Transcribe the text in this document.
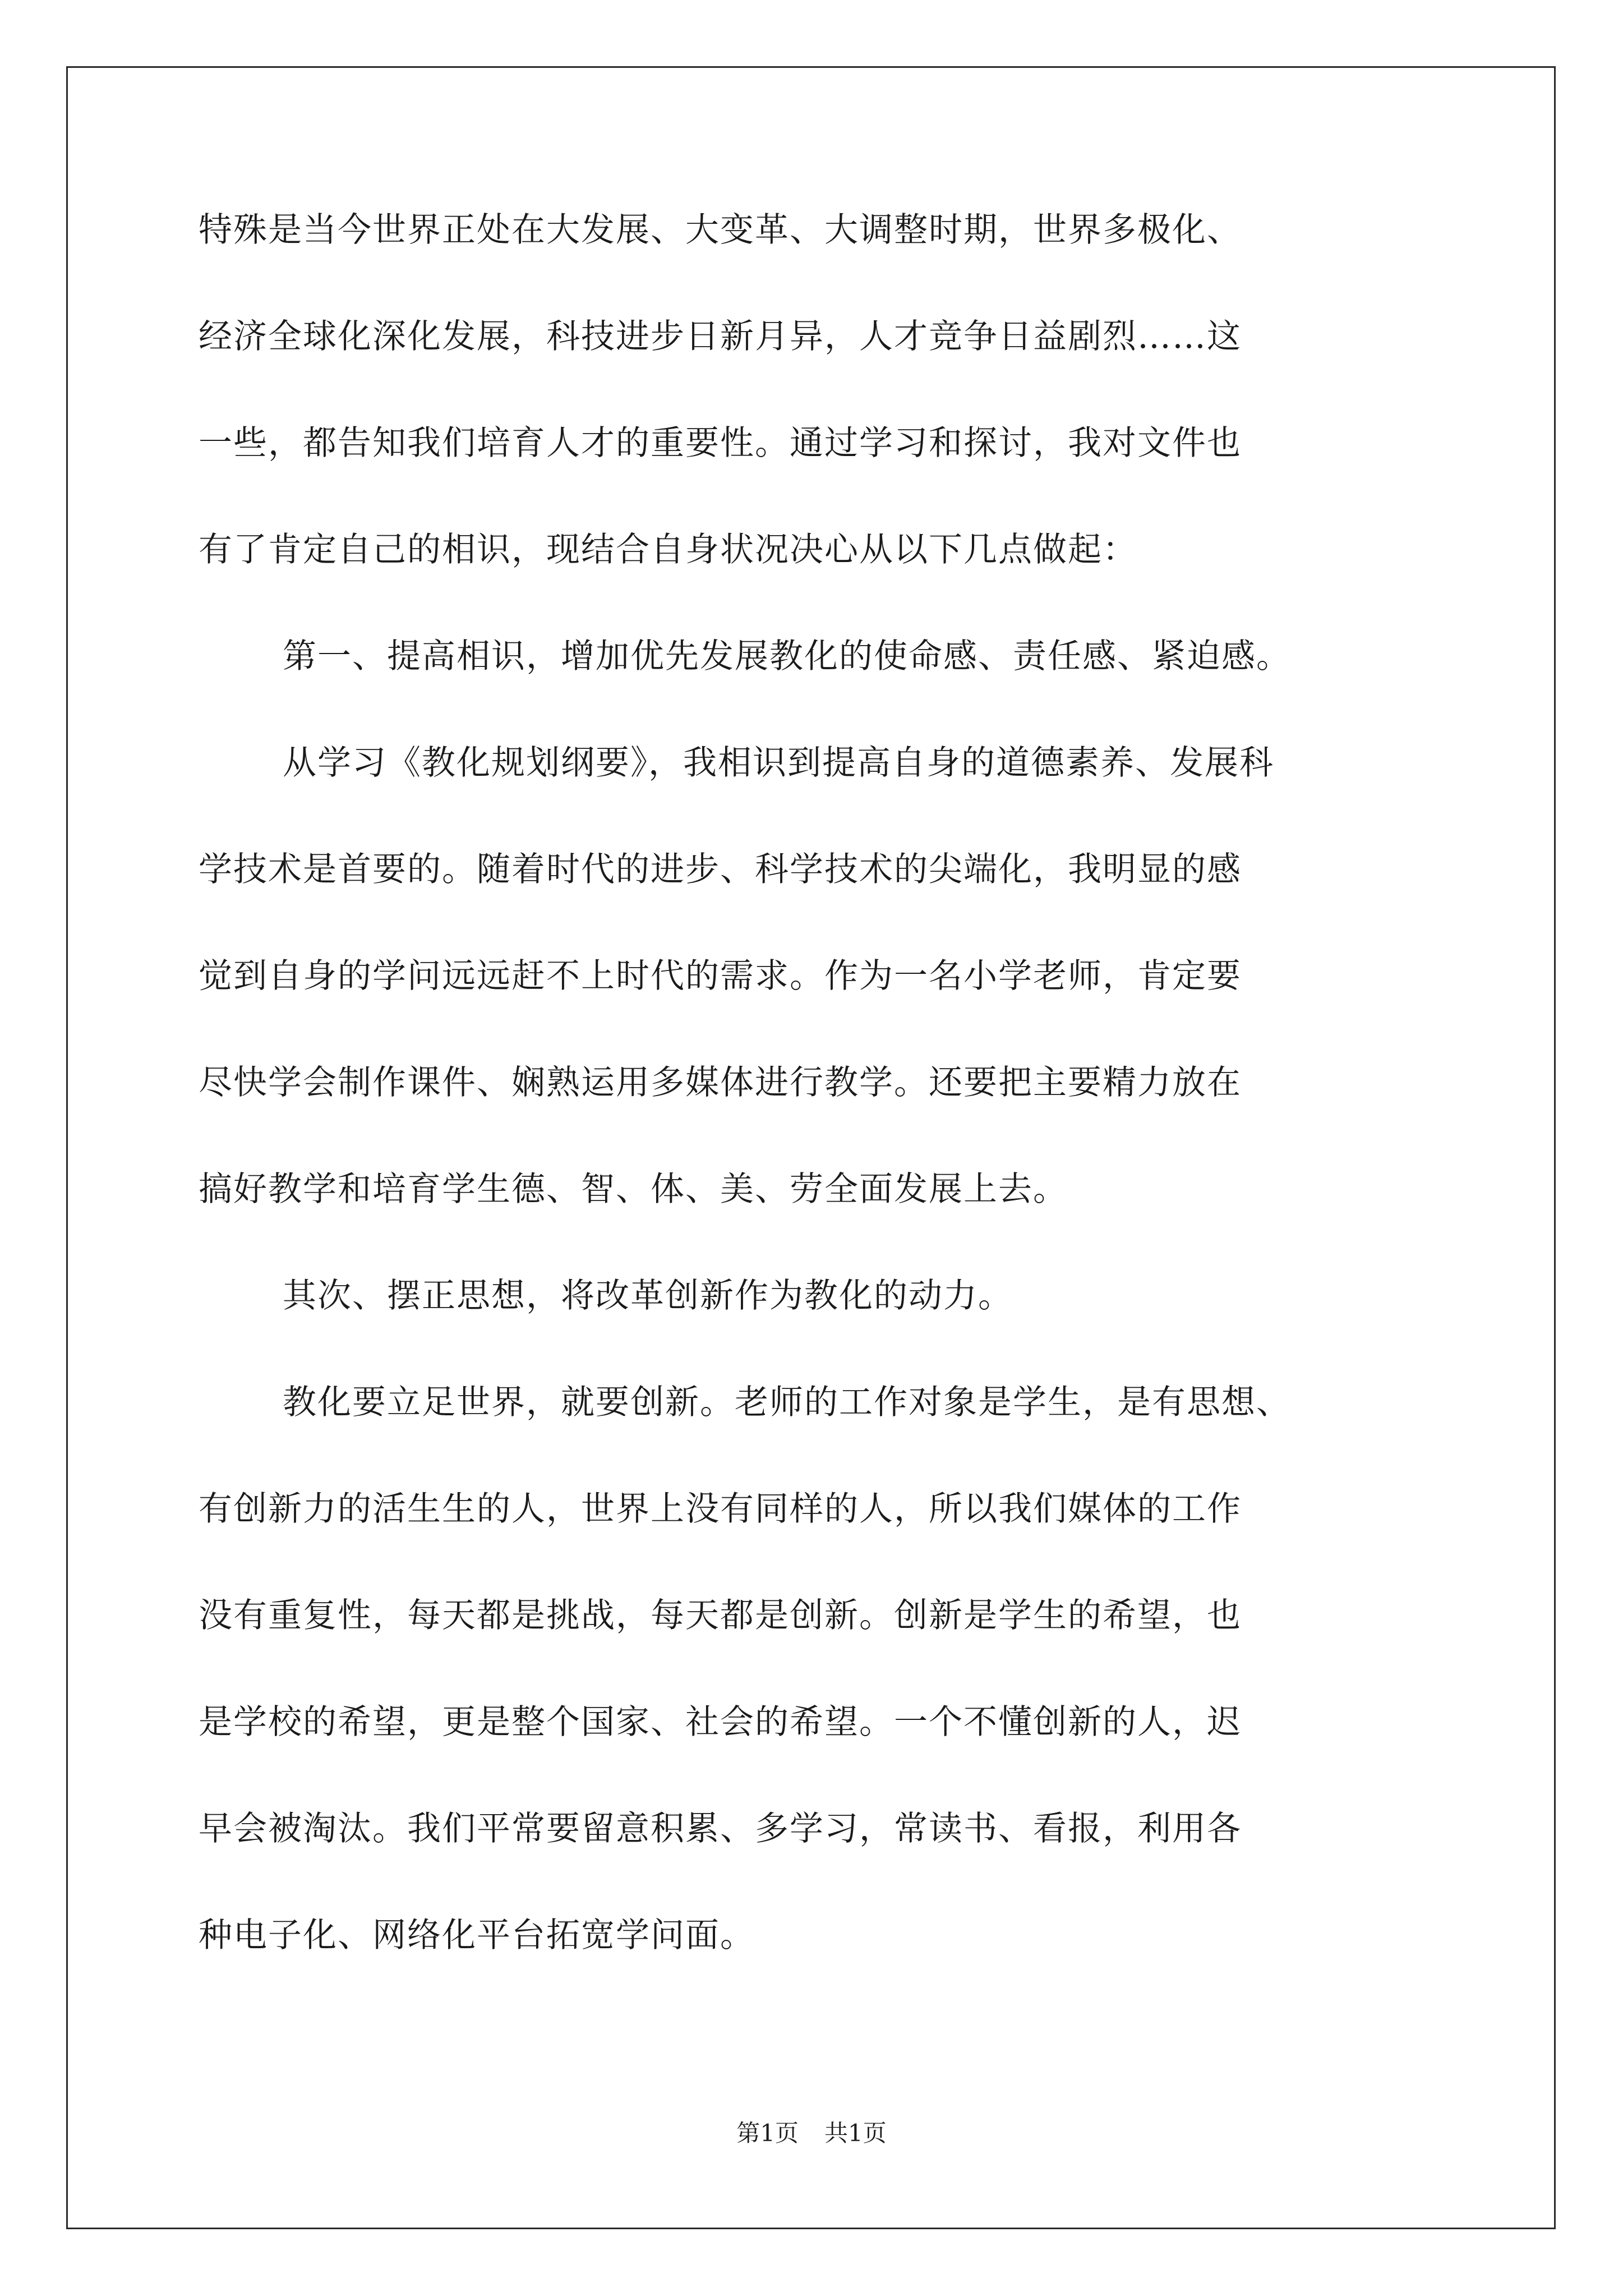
特殊是当今世界正处在大发展、大变革、大调整时期，世界多极化、
经济全球化深化发展，科技进步日新月异，人才竞争日益剧烈……这
一些，都告知我们培育人才的重要性。通过学习和探讨，我对文件也
有了肯定自己的相识，现结合自身状况决心从以下几点做起：
第一、提高相识，增加优先发展教化的使命感、责任感、紧迫感。
从学习《教化规划纲要》，我相识到提高自身的道德素养、发展科
学技术是首要的。随着时代的进步、科学技术的尖端化，我明显的感
觉到自身的学问远远赶不上时代的需求。作为一名小学老师，肯定要
尽快学会制作课件、娴熟运用多媒体进行教学。还要把主要精力放在
搞好教学和培育学生德、智、体、美、劳全面发展上去。
其次、摆正思想，将改革创新作为教化的动力。
教化要立足世界，就要创新。老师的工作对象是学生，是有思想、
有创新力的活生生的人，世界上没有同样的人，所以我们媒体的工作
没有重复性，每天都是挑战，每天都是创新。创新是学生的希望，也
是学校的希望，更是整个国家、社会的希望。一个不懂创新的人，迟
早会被淘汰。我们平常要留意积累、多学习，常读书、看报，利用各
种电子化、网络化平台拓宽学问面。
第1页 共1页
